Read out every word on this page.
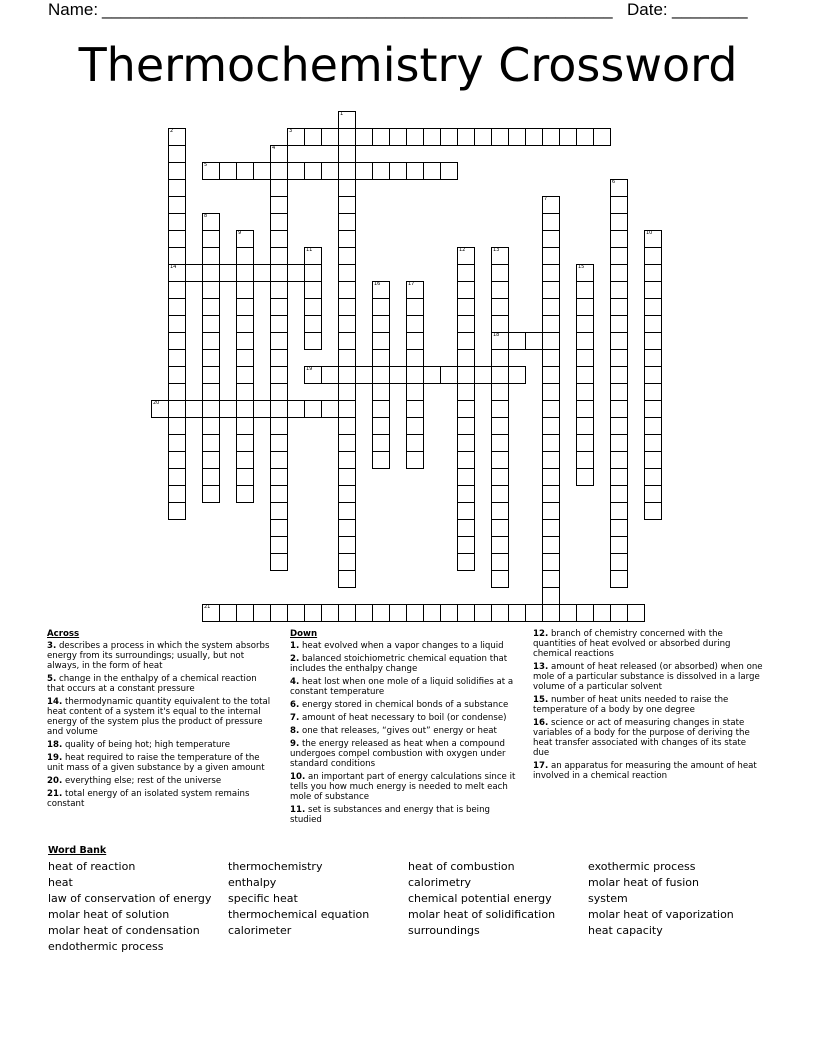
Name: ______________________________________________________ Date: ________
Thermochemistry Crossword
1
2	3
4
5
6
7
8
9	10
11	12	13
14	15
16	17
18
19
20
21
Across
3. describes a process in which the system absorbs energy from its surroundings; usually, but not always, in the form of heat
5. change in the enthalpy of a chemical reaction that occurs at a constant pressure
14. thermodynamic quantity equivalent to the total heat content of a system it's equal to the internal energy of the system plus the product of pressure and volume
18. quality of being hot; high temperature
19. heat required to raise the temperature of the unit mass of a given substance by a given amount
20. everything else; rest of the universe
21. total energy of an isolated system remains constant
Down
1. heat evolved when a vapor changes to a liquid
2. balanced stoichiometric chemical equation that includes the enthalpy change
4. heat lost when one mole of a liquid solidifies at a constant temperature
6. energy stored in chemical bonds of a substance
7. amount of heat necessary to boil (or condense)
8. one that releases, “gives out” energy or heat
9. the energy released as heat when a compound undergoes compel combustion with oxygen under standard conditions
10. an important part of energy calculations since it tells you how much energy is needed to melt each mole of substance
11. set is substances and energy that is being studied
12. branch of chemistry concerned with the quantities of heat evolved or absorbed during chemical reactions
13. amount of heat released (or absorbed) when one mole of a particular substance is dissolved in a large volume of a particular solvent
15. number of heat units needed to raise the temperature of a body by one degree
16. science or act of measuring changes in state variables of a body for the purpose of deriving the heat transfer associated with changes of its state due
17. an apparatus for measuring the amount of heat involved in a chemical reaction
Word Bank
heat of reaction
heat
law of conservation of energy
molar heat of solution
molar heat of condensation
endothermic process
thermochemistry
enthalpy
specific heat
thermochemical equation
calorimeter
heat of combustion
calorimetry
chemical potential energy
molar heat of solidification
surroundings
exothermic process
molar heat of fusion
system
molar heat of vaporization
heat capacity
